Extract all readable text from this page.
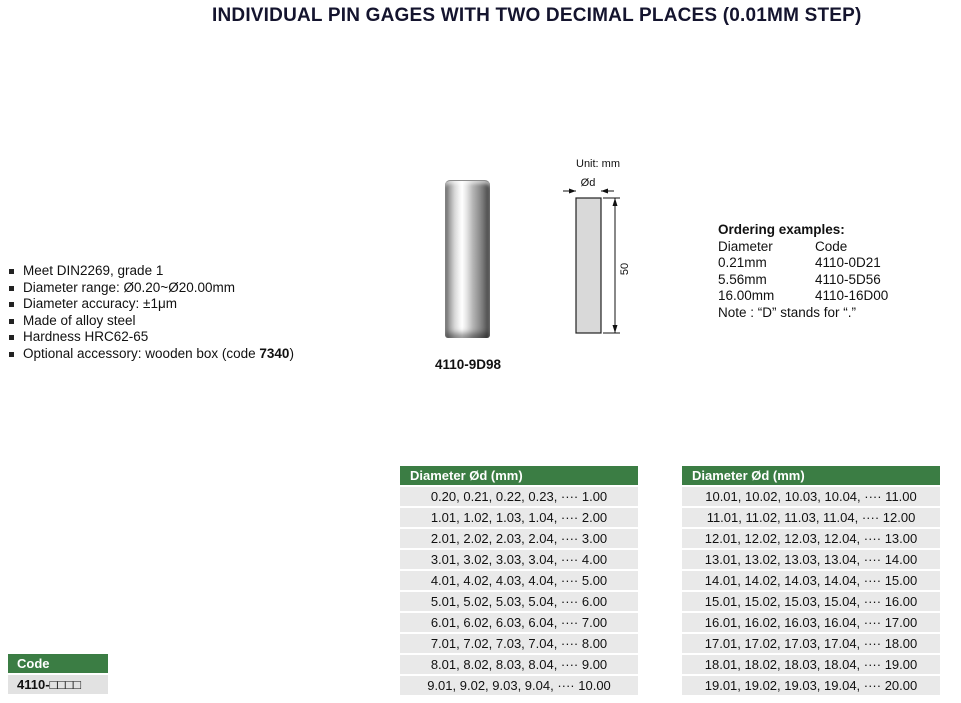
INDIVIDUAL PIN GAGES WITH TWO DECIMAL PLACES (0.01MM STEP)
Meet DIN2269, grade 1
Diameter range: Ø0.20~Ø20.00mm
Diameter accuracy: ±1μm
Made of alloy steel
Hardness HRC62-65
Optional accessory: wooden box (code 7340)
4110-9D98
Unit: mm
Ød
50
Ordering examples:
Diameter	Code
0.21mm	4110-0D21
5.56mm	4110-5D56
16.00mm	4110-16D00
Note : “D” stands for “.”
Diameter Ød (mm)
0.20, 0.21, 0.22, 0.23, ···· 1.00
1.01, 1.02, 1.03, 1.04, ···· 2.00
2.01, 2.02, 2.03, 2.04, ···· 3.00
3.01, 3.02, 3.03, 3.04, ···· 4.00
4.01, 4.02, 4.03, 4.04, ···· 5.00
5.01, 5.02, 5.03, 5.04, ···· 6.00
6.01, 6.02, 6.03, 6.04, ···· 7.00
7.01, 7.02, 7.03, 7.04, ···· 8.00
8.01, 8.02, 8.03, 8.04, ···· 9.00
9.01, 9.02, 9.03, 9.04, ···· 10.00
Diameter Ød (mm)
10.01, 10.02, 10.03, 10.04, ···· 11.00
11.01, 11.02, 11.03, 11.04, ···· 12.00
12.01, 12.02, 12.03, 12.04, ···· 13.00
13.01, 13.02, 13.03, 13.04, ···· 14.00
14.01, 14.02, 14.03, 14.04, ···· 15.00
15.01, 15.02, 15.03, 15.04, ···· 16.00
16.01, 16.02, 16.03, 16.04, ···· 17.00
17.01, 17.02, 17.03, 17.04, ···· 18.00
18.01, 18.02, 18.03, 18.04, ···· 19.00
19.01, 19.02, 19.03, 19.04, ···· 20.00
Code
4110-□□□□
